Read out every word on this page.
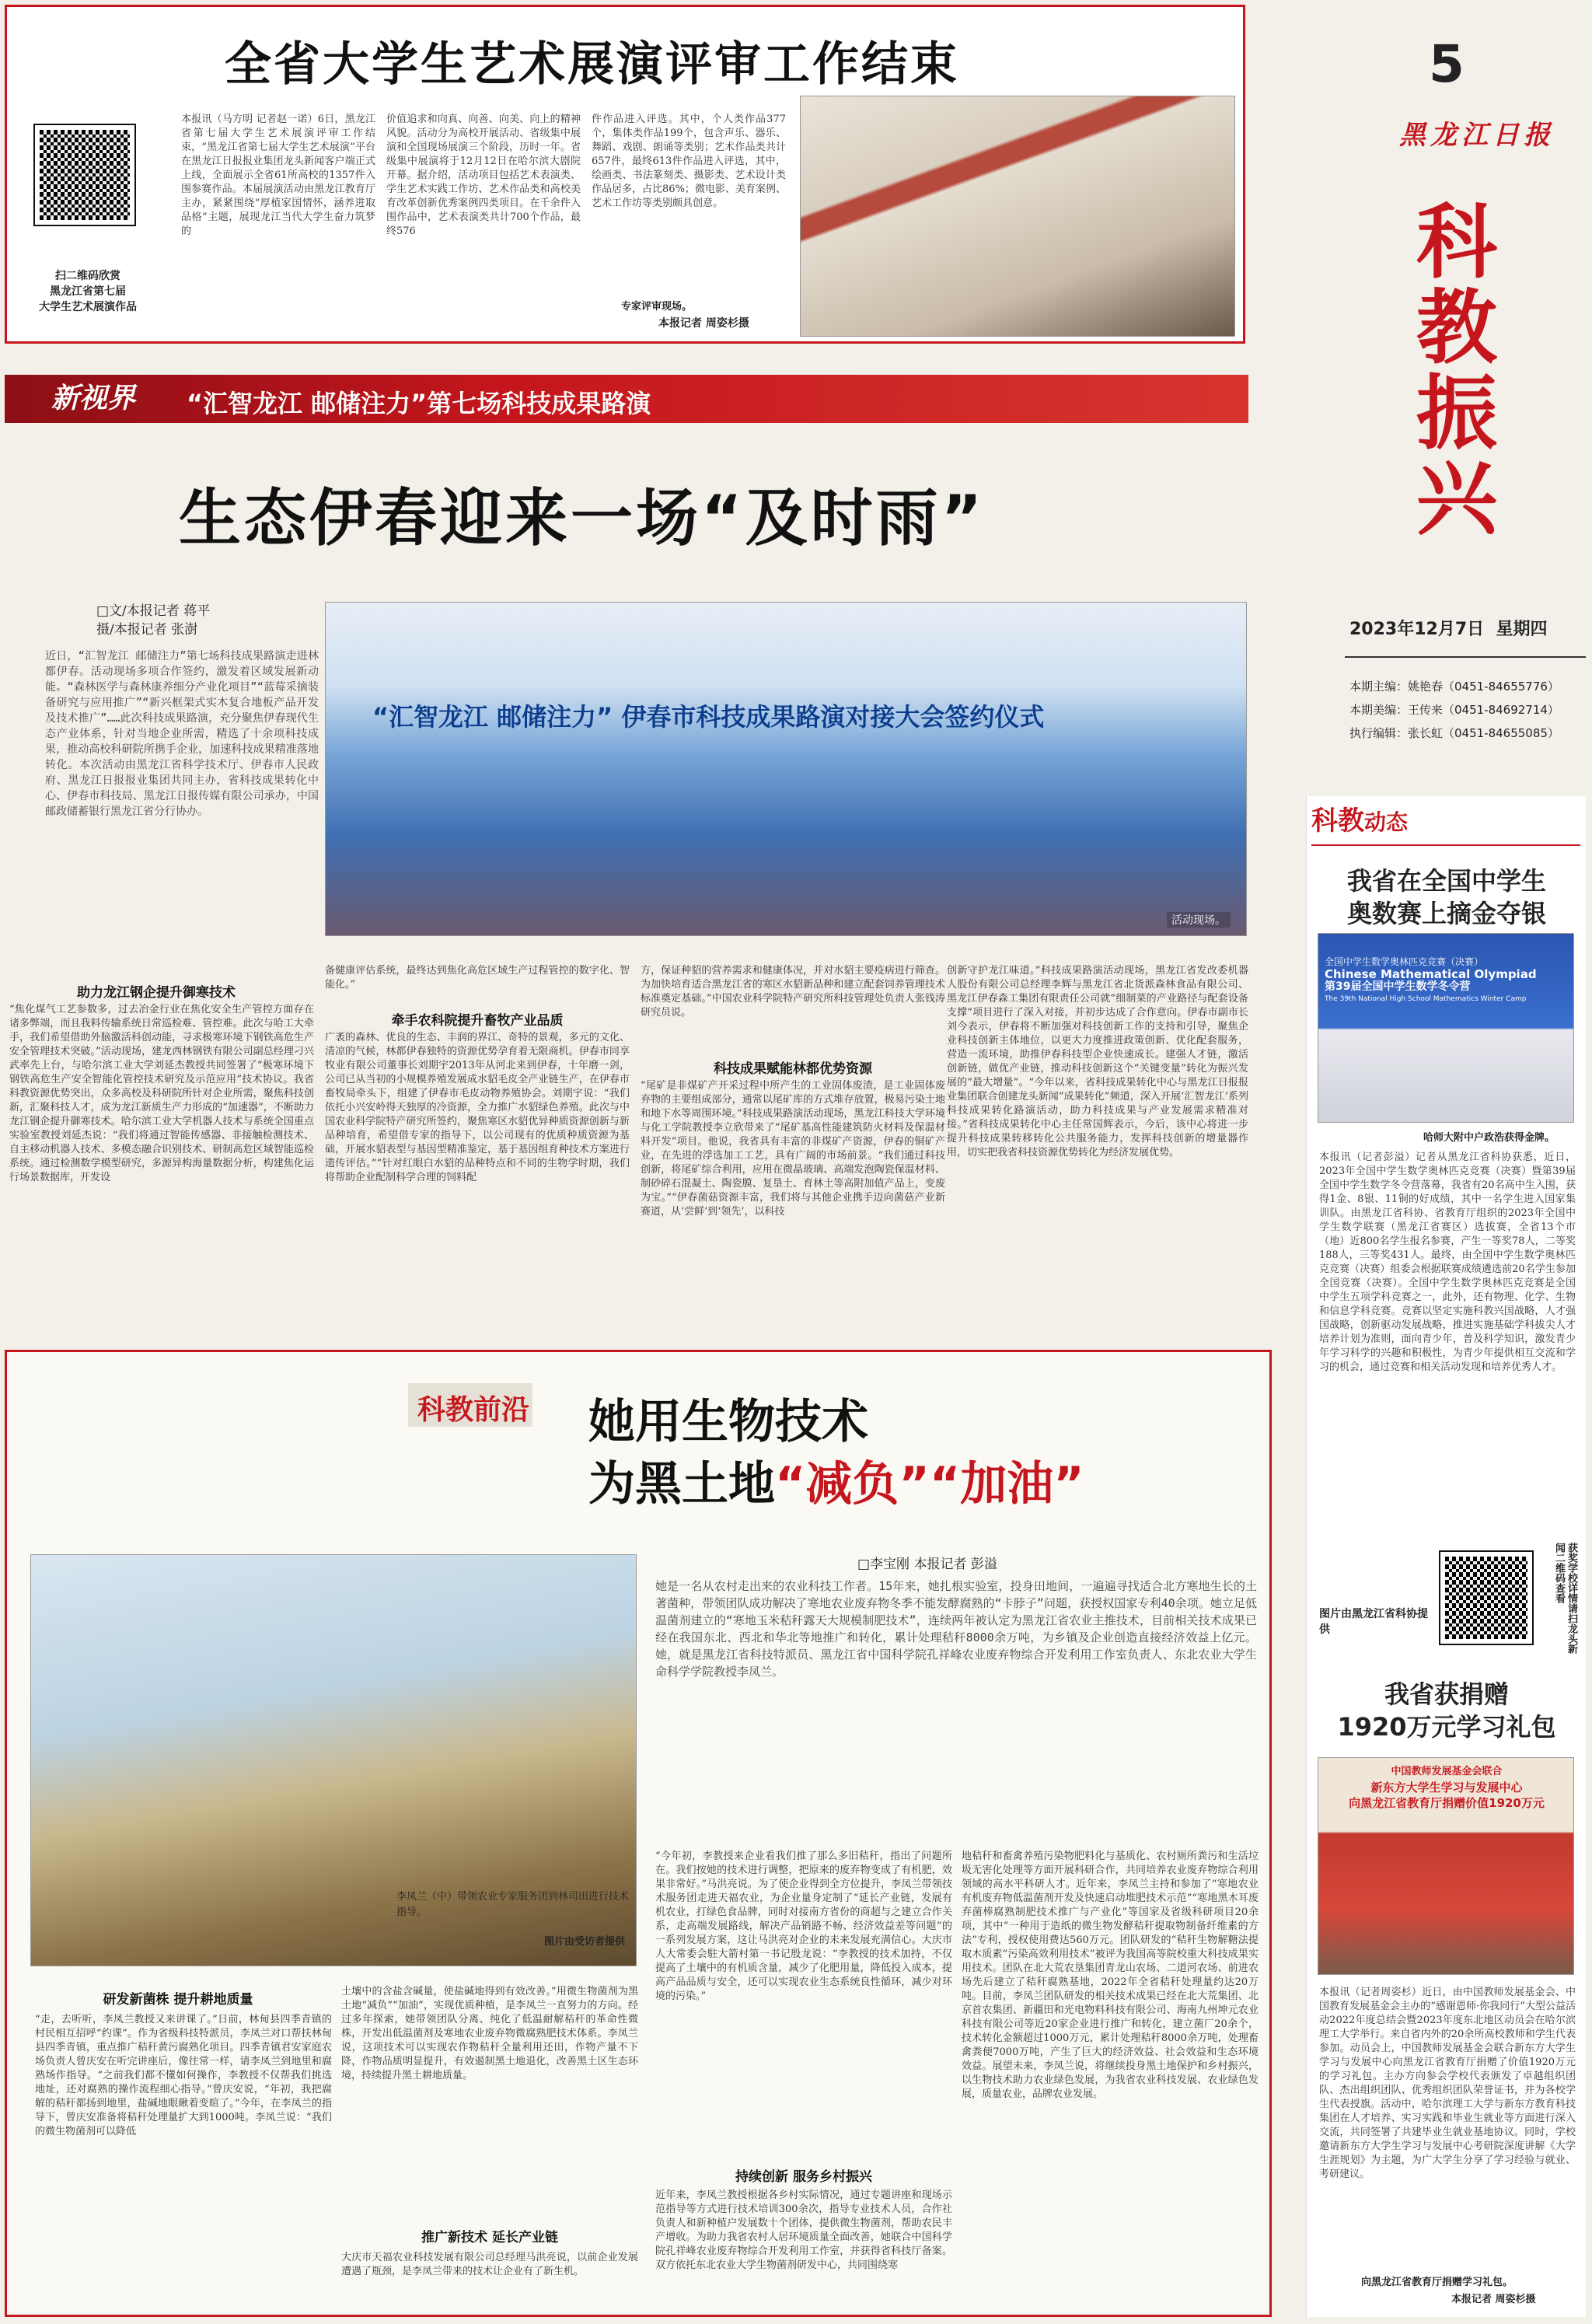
全省大学生艺术展演评审工作结束
扫二维码欣赏
黑龙江省第七届
大学生艺术展演作品
本报讯（马方明 记者赵一诺）6日，黑龙江省第七届大学生艺术展演评审工作结束，“黑龙江省第七届大学生艺术展演”平台在黑龙江日报报业集团龙头新闻客户端正式上线，全面展示全省61所高校的1357件入围参赛作品。本届展演活动由黑龙江教育厅主办，紧紧围绕“厚植家国情怀，涵养进取品格”主题，展现龙江当代大学生奋力筑梦的
价值追求和向真、向善、向美、向上的精神风貌。活动分为高校开展活动、省级集中展演和全国现场展演三个阶段，历时一年。省级集中展演将于12月12日在哈尔滨大剧院开幕。据介绍，活动项目包括艺术表演类、学生艺术实践工作坊、艺术作品类和高校美育改革创新优秀案例四类项目。在千余件入围作品中，艺术表演类共计700个作品，最终576
件作品进入评选。其中，个人类作品377个，集体类作品199个，包含声乐、器乐、舞蹈、戏剧、朗诵等类别；艺术作品类共计657件，最终613件作品进入评选，其中，绘画类、书法篆刻类、摄影类、艺术设计类作品居多，占比86%；微电影、美育案例、艺术工作坊等类别颇具创意。
专家评审现场。
本报记者 周姿杉摄
5
黑龙江日报
科教振兴
2023年12月7日 星期四
本期主编：姚艳春（0451-84655776）
本期美编：王传来（0451-84692714）
执行编辑：张长虹（0451-84655085）
新视界 “汇智龙江 邮储注力”第七场科技成果路演
生态伊春迎来一场“及时雨”
□文/本报记者 蒋平
摄/本报记者 张澍
近日，“汇智龙江 邮储注力”第七场科技成果路演走进林都伊春。活动现场多项合作签约，激发着区域发展新动能。“森林医学与森林康养细分产业化项目”“蓝莓采摘装备研究与应用推广”“新兴框架式实木复合地板产品开发及技术推广”……此次科技成果路演，充分聚焦伊春现代生态产业体系，针对当地企业所需，精选了十余项科技成果，推动高校科研院所携手企业，加速科技成果精准落地转化。本次活动由黑龙江省科学技术厅、伊春市人民政府、黑龙江日报报业集团共同主办，省科技成果转化中心、伊春市科技局、黑龙江日报传媒有限公司承办，中国邮政储蓄银行黑龙江省分行协办。
“汇智龙江 邮储注力” 伊春市科技成果路演对接大会签约仪式
活动现场。
助力龙江钢企提升御寒技术
“焦化煤气工艺参数多，过去冶金行业在焦化安全生产管控方面存在诸多弊端，而且我料传输系统日常巡检难、管控难。此次与哈工大牵手，我们希望借助外脑激活科创动能，寻求极寒环境下钢铁高危生产安全管理技术突破。”活动现场，建龙西林钢铁有限公司副总经理刁兴武率先上台，与哈尔滨工业大学刘延杰教授共同签署了“极寒环境下钢铁高危生产安全智能化管控技术研究及示范应用”技术协议。我省科教资源优势突出，众多高校及科研院所针对企业所需，聚焦科技创新，汇聚科技人才，成为龙江新质生产力形成的“加速器”，不断助力龙江钢企提升御寒技术。哈尔滨工业大学机器人技术与系统全国重点实验室教授刘延杰说：“我们将通过智能传感器、非接触检测技术、自主移动机器人技术、多模态融合识别技术、研制高危区域智能巡检系统。通过检测数学模型研究，多源异构海量数据分析，构建焦化运行场景数据库，开发设
备健康评估系统，最终达到焦化高危区域生产过程管控的数字化、智能化。”
牵手农科院提升畜牧产业品质
广袤的森林、优良的生态、丰润的界江、奇特的景观，多元的文化、清凉的气候，林都伊春独特的资源优势孕育着无限商机。伊春市同享牧业有限公司董事长刘期宇2013年从河北来到伊春，十年磨一剑，公司已从当初的小规模养殖发展成水貂毛皮全产业链生产，在伊春市畜牧局牵头下，组建了伊春市毛皮动物养殖协会。刘期宇说：“我们依托小兴安岭得天独厚的冷资源，全力推广水貂绿色养殖。此次与中国农业科学院特产研究所签约，聚焦寒区水貂优异种质资源创新与新品种培育，希望借专家的指导下，以公司现有的优质种质资源为基础，开展水貂表型与基因型精准鉴定，基于基因组育种技术方案进行遗传评估。”“针对红眼白水貂的品种特点和不同的生物学时期，我们将帮助企业配制科学合理的饲料配
方，保证种貂的营养需求和健康体况，并对水貂主要疫病进行筛查。为加快培育适合黑龙江省的寒区水貂新品种和建立配套饲养管理技术标准奠定基础。”中国农业科学院特产研究所科技管理处负责人张钱涛研究员说。
科技成果赋能林都优势资源
“尾矿是非煤矿产开采过程中所产生的工业固体废渣，是工业固体废弃物的主要组成部分，通常以尾矿库的方式堆存放置，极易污染土地和地下水等周围环境。”科技成果路演活动现场，黑龙江科技大学环境与化工学院教授李立欣带来了“尾矿基高性能建筑防火材料及保温材料开发”项目。他说，我省具有丰富的非煤矿产资源，伊春的铜矿产业，在先进的浮选加工工艺，具有广阔的市场前景。“我们通过科技创新，将尾矿综合利用，应用在微晶玻璃、高端发泡陶瓷保温材料、制砂碎石混凝土、陶瓷膜、复垦土、育林土等高附加值产品上，变废为宝。”“伊春菌菇资源丰富，我们将与其他企业携手迈向菌菇产业新赛道，从‘尝鲜’到‘领先’，以科技
创新守护龙江味道。”科技成果路演活动现场，黑龙江省发改委机器人股份有限公司总经理李辉与黑龙江省北货派森林食品有限公司、黑龙江伊春森工集团有限责任公司就“细制菜的产业路径与配套设备支撑”项目进行了深入对接，并初步达成了合作意向。伊春市副市长刘今表示，伊春将不断加强对科技创新工作的支持和引导，聚焦企业科技创新主体地位，以更大力度推进政策创新、优化配套服务，营造一流环境，助推伊春科技型企业快速成长。建强人才链，激活创新链，做优产业链，推动科技创新这个“关键变量”转化为振兴发展的“最大增量”。“今年以来，省科技成果转化中心与黑龙江日报报业集团联合创建龙头新闻“成果转化”频道，深入开展‘汇智龙江’系列科技成果转化路演活动，助力科技成果与产业发展需求精准对接。”省科技成果转化中心主任常国辉表示，今后，该中心将进一步提升科技成果转移转化公共服务能力，发挥科技创新的增量器作用，切实把我省科技资源优势转化为经济发展优势。
科教前沿 她用生物技术
为黑土地“减负”“加油”
□李宝刚 本报记者 彭溢
她是一名从农村走出来的农业科技工作者。15年来，她扎根实验室，投身田地间，一遍遍寻找适合北方寒地生长的土著菌种，带领团队成功解决了寒地农业废弃物冬季不能发酵腐熟的“卡脖子”问题，获授权国家专利40余项。她立足低温菌剂建立的“寒地玉米秸秆露天大规模制肥技术”，连续两年被认定为黑龙江省农业主推技术，目前相关技术成果已经在我国东北、西北和华北等地推广和转化，累计处理秸秆8000余万吨，为乡镇及企业创造直接经济效益上亿元。她，就是黑龙江省科技特派员、黑龙江省中国科学院孔祥峰农业废弃物综合开发利用工作室负责人、东北农业大学生命科学学院教授李凤兰。
李凤兰（中）带领农业专家服务团到林司田进行技术指导。
图片由受访者提供
研发新菌株 提升耕地质量
“走，去听听，李凤兰教授又来讲课了。”日前，林甸县四季青镇的村民相互招呼“约课”。作为省级科技特派员，李凤兰对口帮扶林甸县四季青镇，重点推广秸秆黄污腐熟化项目。四季青镇君安家庭农场负责人曾庆安在听完讲座后，像往常一样，请李凤兰到地里和腐熟场作指导。“之前我们都不懂如何操作，李教授不仅帮我们挑选地址，还对腐熟的操作流程细心指导。”曾庆安说，“年初，我把腐解的秸秆都扬到地里，盐碱地眼瞅着变暄了。”今年，在李凤兰的指导下，曾庆安准备将秸秆处理量扩大到1000吨。李凤兰说：“我们的微生物菌剂可以降低
土壤中的含盐含碱量，使盐碱地得到有效改善。”用微生物菌剂为黑土地“减负”“加油”，实现优质种植，是李凤兰一直努力的方向。经过多年探索，她带领团队分离、纯化了低温耐解秸秆的革命性微株，开发出低温菌剂及寒地农业废弃物微腐熟肥技术体系。李凤兰说，这项技术可以实现农作物秸秆全量利用还田，作物产量不下降，作物品质明显提升，有效遏制黑土地退化，改善黑土区生态环境，持续提升黑土耕地质量。
推广新技术 延长产业链
大庆市天福农业科技发展有限公司总经理马洪亮说，以前企业发展遭遇了瓶颈，是李凤兰带来的技术让企业有了新生机。
“今年初，李教授来企业看我们推了那么多旧秸秆，指出了问题所在。我们按她的技术进行调整，把原来的废弃物变成了有机肥，效果非常好。”马洪亮说。为了使企业得到全方位提升，李凤兰带领技术服务团走进天福农业，为企业量身定制了“延长产业链，发展有机农业，打绿色食品牌，同时对接南方省份的商超与之建立合作关系，走高端发展路线，解决产品销路不畅、经济效益差等问题”的一系列发展方案，这让马洪亮对企业的未来发展充满信心。大庆市人大常委会駐大箭村第一书记殷龙说：“李教授的技术加持，不仅提高了土壤中的有机质含量，减少了化肥用量，降低投入成本，提高产品品质与安全，还可以实现农业生态系统良性循环，减少对环境的污染。”
持续创新 服务乡村振兴
近年来，李凤兰教授根据各乡村实际情况，通过专题讲座和现场示范指导等方式进行技术培训300余次，指导专业技术人员，合作社负责人和新种植户发展数十个团体，提供微生物菌剂，帮助农民丰产增收。为助力我省农村人居环境质量全面改善，她联合中国科学院孔祥峰农业废弃物综合开发利用工作室，并获得省科技厅备案。双方依托东北农业大学生物菌剂研发中心，共同围绕寒
地秸秆和畜禽养殖污染物肥料化与基质化、农村厕所粪污和生活垃圾无害化处理等方面开展科研合作，共同培养农业废弃物综合利用领域的高水平科研人才。近年来，李凤兰主持和参加了“寒地农业有机废弃物低温菌剂开发及快速启动堆肥技术示范”“寒地黑木耳废弃菌棒腐熟制肥技术推广与产业化”等国家及省级科研项目20余项，其中“一种用于造纸的微生物发酵秸秆提取物制备纤维素的方法”专利，授权使用费达560万元。团队研发的“秸秆生物解糖法提取木质素”污染高效利用技术”被评为我国高等院校重大科技成果实用技术。团队在北大荒农垦集团青龙山农场、二道河农场、前进农场先后建立了秸秆腐熟基地，2022年全省秸秆处理量约达20万吨。目前，李凤兰团队研发的相关技术成果已经在北大荒集团、北京首农集团、新疆田和光电物料科技有限公司、海南九州坤元农业科技有限公司等近20家企业进行推广和转化，建立菌厂20余个，技术转化金额超过1000万元，累计处理秸秆8000余万吨，处理畜禽粪便7000万吨，产生了巨大的经济效益、社会效益和生态环境效益。展望未来，李凤兰说，将继续投身黑土地保护和乡村振兴，以生物技术助力农业绿色发展，为我省农业科技发展、农业绿色发展，质量农业，品牌农业发展。
科教动态
我省在全国中学生
奥数赛上摘金夺银
全国中学生数学奥林匹克竞赛（决赛）
Chinese Mathematical Olympiad
第39届全国中学生数学冬令营
The 39th National High School Mathematics Winter Camp
哈师大附中户政浩获得金牌。
本报讯（记者彭溢）记者从黑龙江省科协获悉，近日，2023年全国中学生数学奥林匹克竞赛（决赛）暨第39届全国中学生数学冬令营落幕，我省有20名高中生入围，获得1金、8银、11铜的好成绩，其中一名学生进入国家集训队。由黑龙江省科协、省教育厅组织的2023年全国中学生数学联赛（黑龙江省赛区）选拔赛，全省13个市（地）近800名学生报名参赛，产生一等奖78人，二等奖188人，三等奖431人。最终，由全国中学生数学奥林匹克竞赛（决赛）组委会根据联赛成绩遴选前20名学生参加全国竞赛（决赛）。全国中学生数学奥林匹克竞赛是全国中学生五项学科竞赛之一，此外，还有物理、化学、生物和信息学科竞赛。竞赛以坚定实施科教兴国战略，人才强国战略，创新驱动发展战略，推进实施基础学科拔尖人才培养计划为准则，面向青少年，普及科学知识，激发青少年学习科学的兴趣和积极性，为青少年提供相互交流和学习的机会，通过竞赛和相关活动发现和培养优秀人才。
获奖学校详情请扫龙头新闻二维码查看
图片由黑龙江省科协提供
我省获捐赠
1920万元学习礼包
中国教师发展基金会联合
新东方大学生学习与发展中心
向黑龙江省教育厅捐赠价值1920万元
本报讯（记者周姿杉）近日，由中国教师发展基金会、中国教育发展基金会主办的“感谢恩师·你我同行”大型公益活动2022年度总结会暨2023年度东北地区动员会在哈尔滨理工大学举行。来自省内外的20余所高校教师和学生代表参加。动员会上，中国教师发展基金会联合新东方大学生学习与发展中心向黑龙江省教育厅捐赠了价值1920万元的学习礼包。主办方向参会学校代表颁发了卓越组织团队、杰出组织团队、优秀组织团队荣誉证书，并为各校学生代表授旗。活动中，哈尔滨理工大学与新东方教育科技集团在人才培养、实习实践和毕业生就业等方面进行深入交流，共同签署了共建毕业生就业基地协议。同时，学校邀请新东方大学生学习与发展中心考研院深度讲解《大学生涯规划》为主题，为广大学生分享了学习经验与就业、考研建议。
向黑龙江省教育厅捐赠学习礼包。
本报记者 周姿杉摄
